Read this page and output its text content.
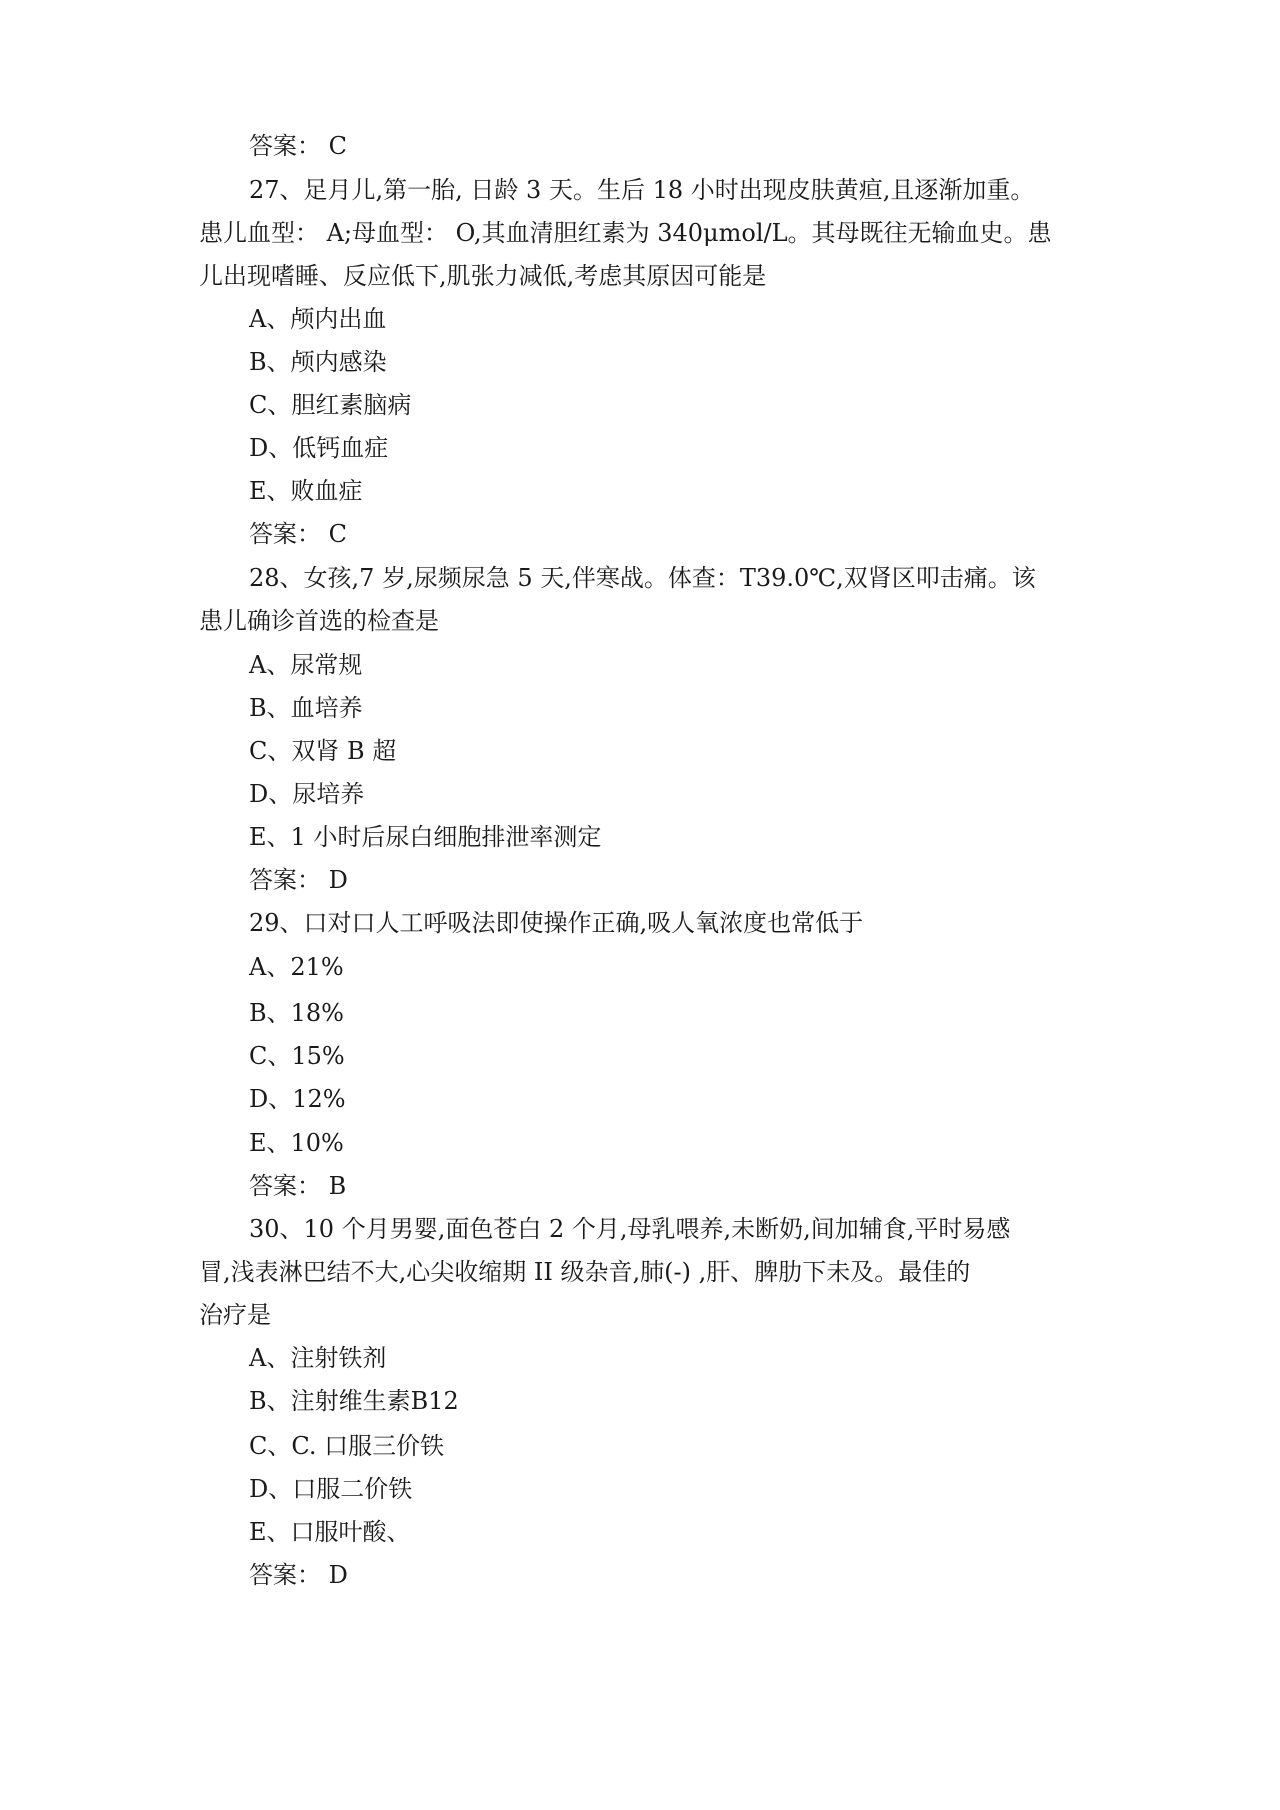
答案： C
27、足月儿,第一胎, 日龄 3 天。生后 18 小时出现皮肤黄疸,且逐渐加重。
患儿血型： A;母血型： O,其血清胆红素为 340μmol/L。其母既往无输血史。患
儿出现嗜睡、反应低下,肌张力减低,考虑其原因可能是
A、颅内出血
B、颅内感染
C、胆红素脑病
D、低钙血症
E、败血症
答案： C
28、女孩,7 岁,尿频尿急 5 天,伴寒战。体查：T39.0℃,双肾区叩击痛。该
患儿确诊首选的检查是
A、尿常规
B、血培养
C、双肾 B 超
D、尿培养
E、1 小时后尿白细胞排泄率测定
答案： D
29、口对口人工呼吸法即使操作正确,吸人氧浓度也常低于
A、21%
B、18%
C、15%
D、12%
E、10%
答案： B
30、10 个月男婴,面色苍白 2 个月,母乳喂养,未断奶,间加辅食,平时易感
冒,浅表淋巴结不大,心尖收缩期 II 级杂音,肺(-) ,肝、脾肋下未及。最佳的
治疗是
A、注射铁剂
B、注射维生素B12
C、C. 口服三价铁
D、口服二价铁
E、口服叶酸、
答案： D
